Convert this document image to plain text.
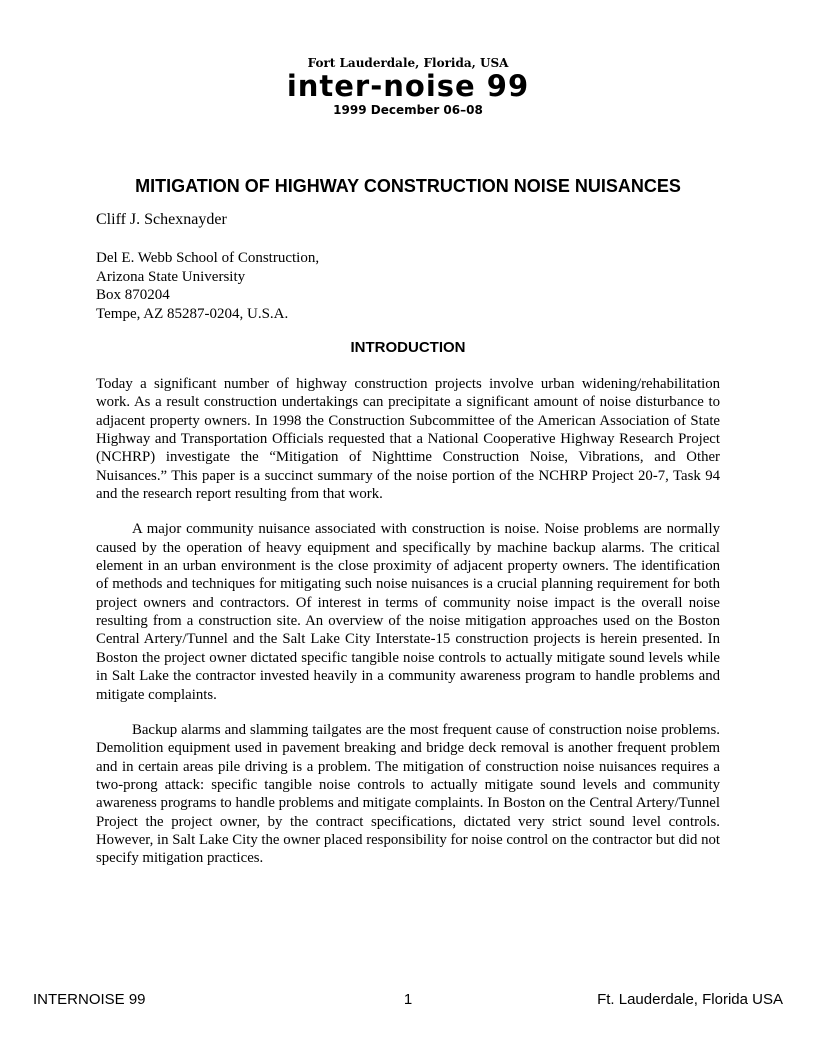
Fort Lauderdale, Florida, USA
inter-noise 99
1999 December 06–08
MITIGATION OF HIGHWAY CONSTRUCTION NOISE NUISANCES
Cliff J. Schexnayder
Del E. Webb School of Construction,
Arizona State University
Box 870204
Tempe, AZ 85287-0204, U.S.A.
INTRODUCTION

Today a significant number of highway construction projects involve urban widening/rehabilitation work. As a result construction undertakings can precipitate a significant amount of noise disturbance to adjacent property owners. In 1998 the Construction Subcommittee of the American Association of State Highway and Transportation Officials requested that a National Cooperative Highway Research Project (NCHRP) investigate the “Mitigation of Nighttime Construction Noise, Vibrations, and Other Nuisances.” This paper is a succinct summary of the noise portion of the NCHRP Project 20-7, Task 94 and the research report resulting from that work.

A major community nuisance associated with construction is noise. Noise problems are normally caused by the operation of heavy equipment and specifically by machine backup alarms. The critical element in an urban environment is the close proximity of adjacent property owners. The identification of methods and techniques for mitigating such noise nuisances is a crucial planning requirement for both project owners and contractors. Of interest in terms of community noise impact is the overall noise resulting from a construction site. An overview of the noise mitigation approaches used on the Boston Central Artery/Tunnel and the Salt Lake City Interstate-15 construction projects is herein presented. In Boston the project owner dictated specific tangible noise controls to actually mitigate sound levels while in Salt Lake the contractor invested heavily in a community awareness program to handle problems and mitigate complaints.

Backup alarms and slamming tailgates are the most frequent cause of construction noise problems. Demolition equipment used in pavement breaking and bridge deck removal is another frequent problem and in certain areas pile driving is a problem. The mitigation of construction noise nuisances requires a two-prong attack: specific tangible noise controls to actually mitigate sound levels and community awareness programs to handle problems and mitigate complaints. In Boston on the Central Artery/Tunnel Project the project owner, by the contract specifications, dictated very strict sound level controls. However, in Salt Lake City the owner placed responsibility for noise control on the contractor but did not specify mitigation practices.

INTERNOISE 99	1	Ft. Lauderdale, Florida USA
